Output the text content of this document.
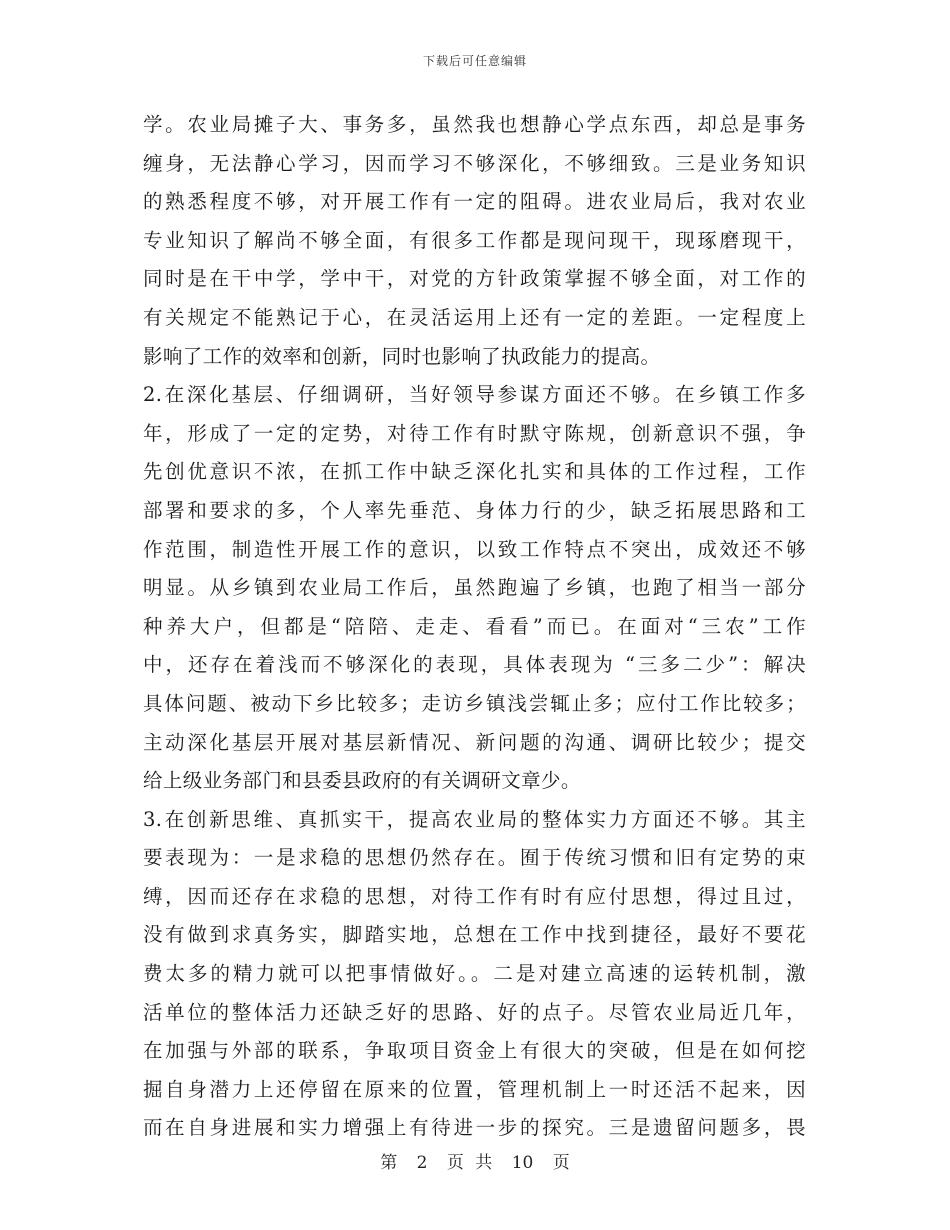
下载后可任意编辑
学。农业局摊子大、事务多，虽然我也想静心学点东西，却总是事务
缠身，无法静心学习，因而学习不够深化，不够细致。三是业务知识
的熟悉程度不够，对开展工作有一定的阻碍。进农业局后，我对农业
专业知识了解尚不够全面，有很多工作都是现问现干，现琢磨现干，
同时是在干中学，学中干，对党的方针政策掌握不够全面，对工作的
有关规定不能熟记于心，在灵活运用上还有一定的差距。一定程度上
影响了工作的效率和创新，同时也影响了执政能力的提高。
2.在深化基层、仔细调研，当好领导参谋方面还不够。在乡镇工作多
年，形成了一定的定势，对待工作有时默守陈规，创新意识不强，争
先创优意识不浓，在抓工作中缺乏深化扎实和具体的工作过程，工作
部署和要求的多，个人率先垂范、身体力行的少，缺乏拓展思路和工
作范围，制造性开展工作的意识，以致工作特点不突出，成效还不够
明显。从乡镇到农业局工作后，虽然跑遍了乡镇，也跑了相当一部分
种养大户，但都是“陪陪、走走、看看”而已。在面对“三农”工作
中，还存在着浅而不够深化的表现，具体表现为 “三多二少”：解决
具体问题、被动下乡比较多；走访乡镇浅尝辄止多；应付工作比较多；
主动深化基层开展对基层新情况、新问题的沟通、调研比较少；提交
给上级业务部门和县委县政府的有关调研文章少。
3.在创新思维、真抓实干，提高农业局的整体实力方面还不够。其主
要表现为：一是求稳的思想仍然存在。囿于传统习惯和旧有定势的束
缚，因而还存在求稳的思想，对待工作有时有应付思想，得过且过，
没有做到求真务实，脚踏实地，总想在工作中找到捷径，最好不要花
费太多的精力就可以把事情做好。。二是对建立高速的运转机制，激
活单位的整体活力还缺乏好的思路、好的点子。尽管农业局近几年，
在加强与外部的联系，争取项目资金上有很大的突破，但是在如何挖
掘自身潜力上还停留在原来的位置，管理机制上一时还活不起来，因
而在自身进展和实力增强上有待进一步的探究。三是遗留问题多，畏
第 2 页 共 10 页
